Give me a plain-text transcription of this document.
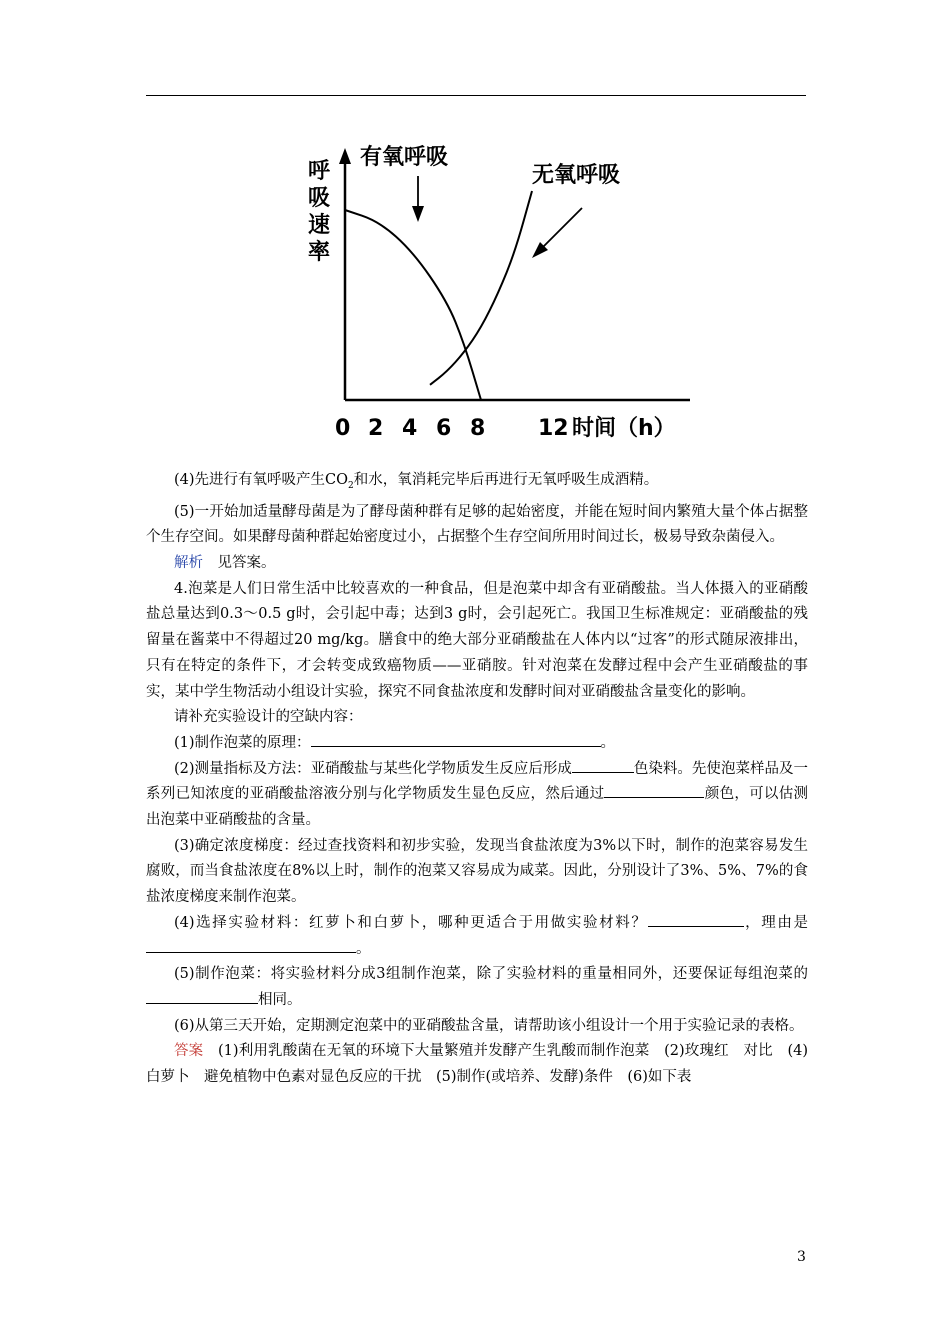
呼
吸
速
率
0 2 4 6 8 12 时间（h）
有氧呼吸
无氧呼吸

(4)先进行有氧呼吸产生$CO_2$和水，氧消耗完毕后再进行无氧呼吸生成酒精。

(5)一开始加适量酵母菌是为了酵母菌种群有足够的起始密度，并能在短时间内繁殖大量个体占据整个生存空间。如果酵母菌种群起始密度过小，占据整个生存空间所用时间过长，极易导致杂菌侵入。

解析　见答案。

4.泡菜是人们日常生活中比较喜欢的一种食品，但是泡菜中却含有亚硝酸盐。当人体摄入的亚硝酸盐总量达到0.3～0.5 g时，会引起中毒；达到3 g时，会引起死亡。我国卫生标准规定：亚硝酸盐的残留量在酱菜中不得超过20 mg/kg。膳食中的绝大部分亚硝酸盐在人体内以“过客”的形式随尿液排出，只有在特定的条件下，才会转变成致癌物质——亚硝胺。针对泡菜在发酵过程中会产生亚硝酸盐的事实，某中学生物活动小组设计实验，探究不同食盐浓度和发酵时间对亚硝酸盐含量变化的影响。

请补充实验设计的空缺内容：

(1)制作泡菜的原理：	。

(2)测量指标及方法：亚硝酸盐与某些化学物质发生反应后形成	色染料。先使泡菜样品及一系列已知浓度的亚硝酸盐溶液分别与化学物质发生显色反应，然后通过	颜色，可以估测出泡菜中亚硝酸盐的含量。

(3)确定浓度梯度：经过查找资料和初步实验，发现当食盐浓度为3%以下时，制作的泡菜容易发生腐败，而当食盐浓度在8%以上时，制作的泡菜又容易成为咸菜。因此，分别设计了3%、5%、7%的食盐浓度梯度来制作泡菜。

(4)选择实验材料：红萝卜和白萝卜，哪种更适合于用做实验材料？	，理由是。

(5)制作泡菜：将实验材料分成3组制作泡菜，除了实验材料的重量相同外，还要保证每组泡菜的相同。

(6)从第三天开始，定期测定泡菜中的亚硝酸盐含量，请帮助该小组设计一个用于实验记录的表格。

答案　(1)利用乳酸菌在无氧的环境下大量繁殖并发酵产生乳酸而制作泡菜　(2)玫瑰红　对比　(4)白萝卜　避免植物中色素对显色反应的干扰　(5)制作(或培养、发酵)条件　(6)如下表

3
